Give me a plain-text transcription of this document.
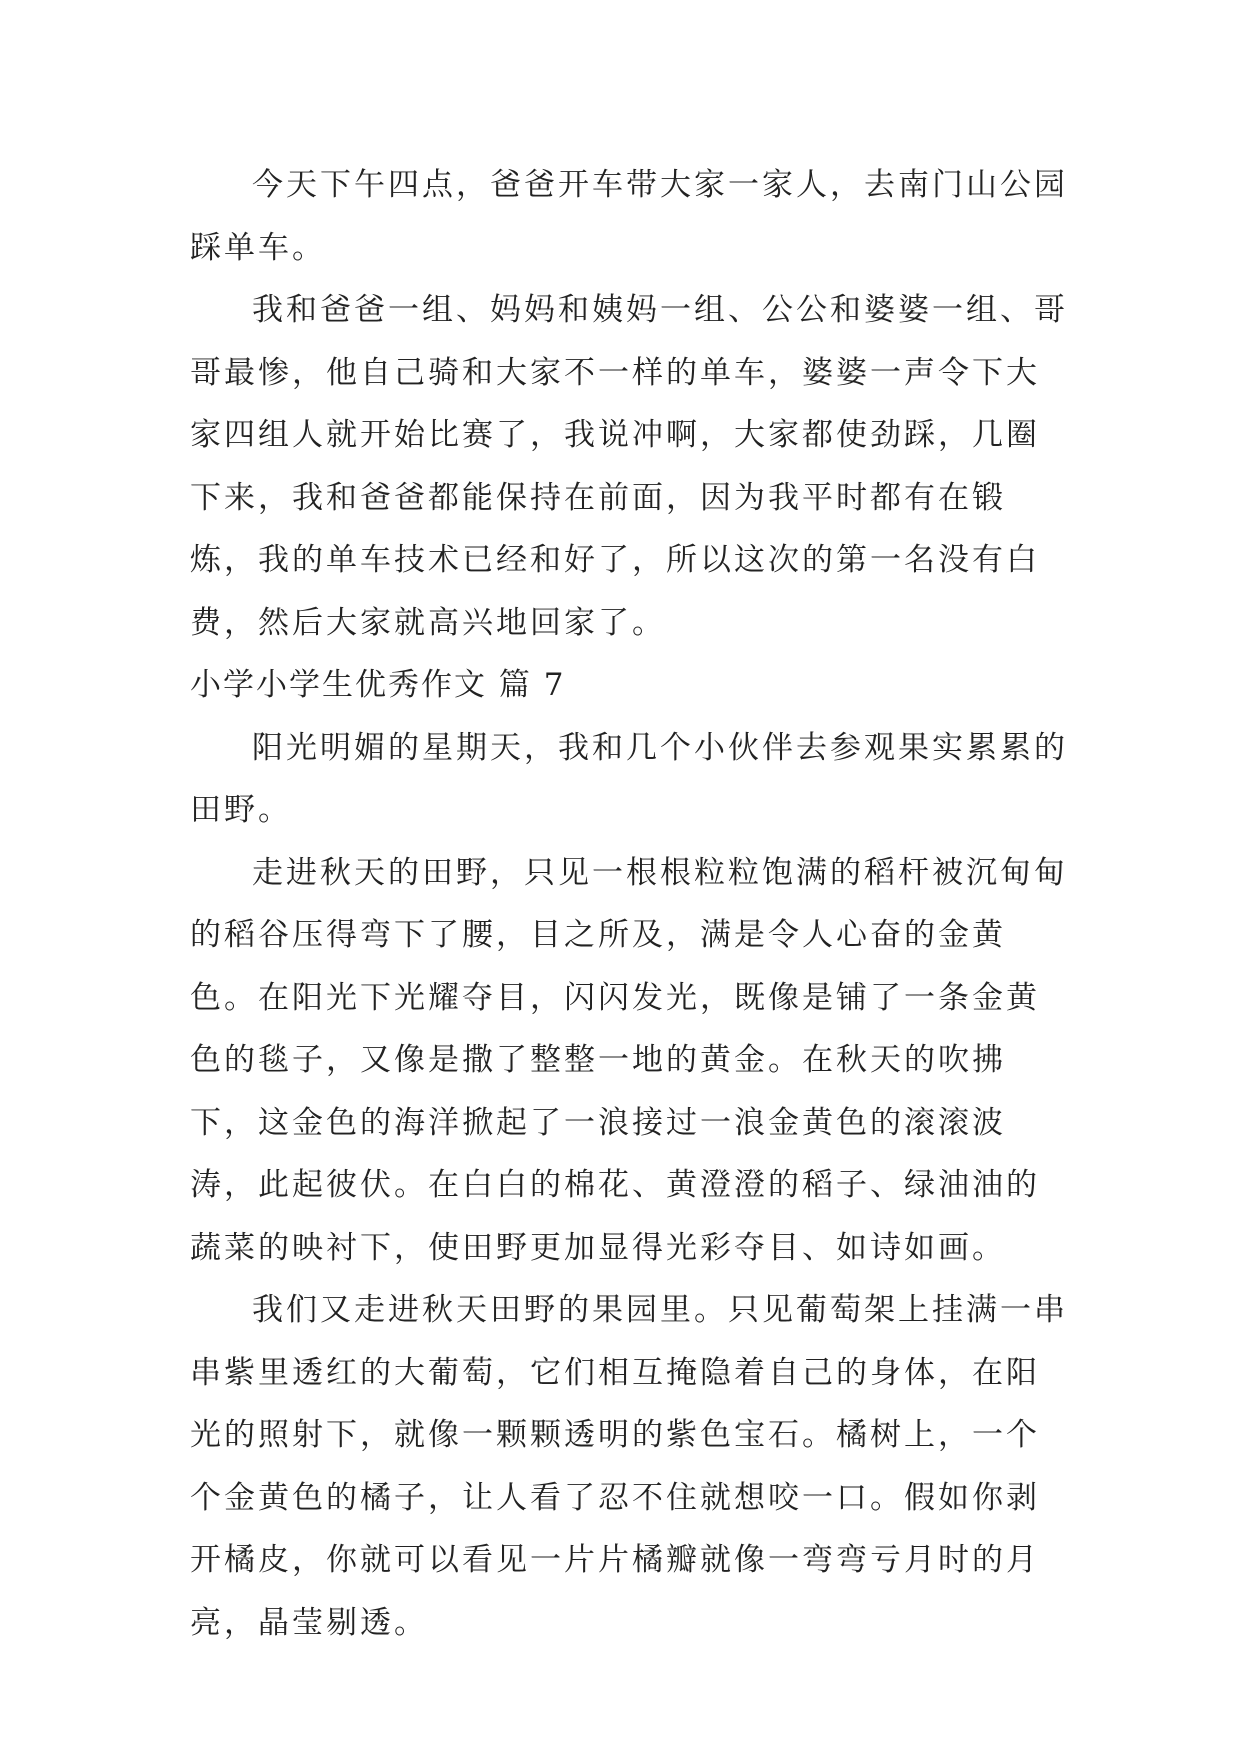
今天下午四点，爸爸开车带大家一家人，去南门山公园踩单车。

我和爸爸一组、妈妈和姨妈一组、公公和婆婆一组、哥哥最惨，他自己骑和大家不一样的单车，婆婆一声令下大家四组人就开始比赛了，我说冲啊，大家都使劲踩，几圈下来，我和爸爸都能保持在前面，因为我平时都有在锻炼，我的单车技术已经和好了，所以这次的第一名没有白费，然后大家就高兴地回家了。

小学小学生优秀作文 篇 7

阳光明媚的星期天，我和几个小伙伴去参观果实累累的田野。

走进秋天的田野，只见一根根粒粒饱满的稻杆被沉甸甸的稻谷压得弯下了腰，目之所及，满是令人心奋的金黄色。在阳光下光耀夺目，闪闪发光，既像是铺了一条金黄色的毯子，又像是撒了整整一地的黄金。在秋天的吹拂下，这金色的海洋掀起了一浪接过一浪金黄色的滚滚波涛，此起彼伏。在白白的棉花、黄澄澄的稻子、绿油油的蔬菜的映衬下，使田野更加显得光彩夺目、如诗如画。

我们又走进秋天田野的果园里。只见葡萄架上挂满一串串紫里透红的大葡萄，它们相互掩隐着自己的身体，在阳光的照射下，就像一颗颗透明的紫色宝石。橘树上，一个个金黄色的橘子，让人看了忍不住就想咬一口。假如你剥开橘皮，你就可以看见一片片橘瓣就像一弯弯亏月时的月亮，晶莹剔透。
